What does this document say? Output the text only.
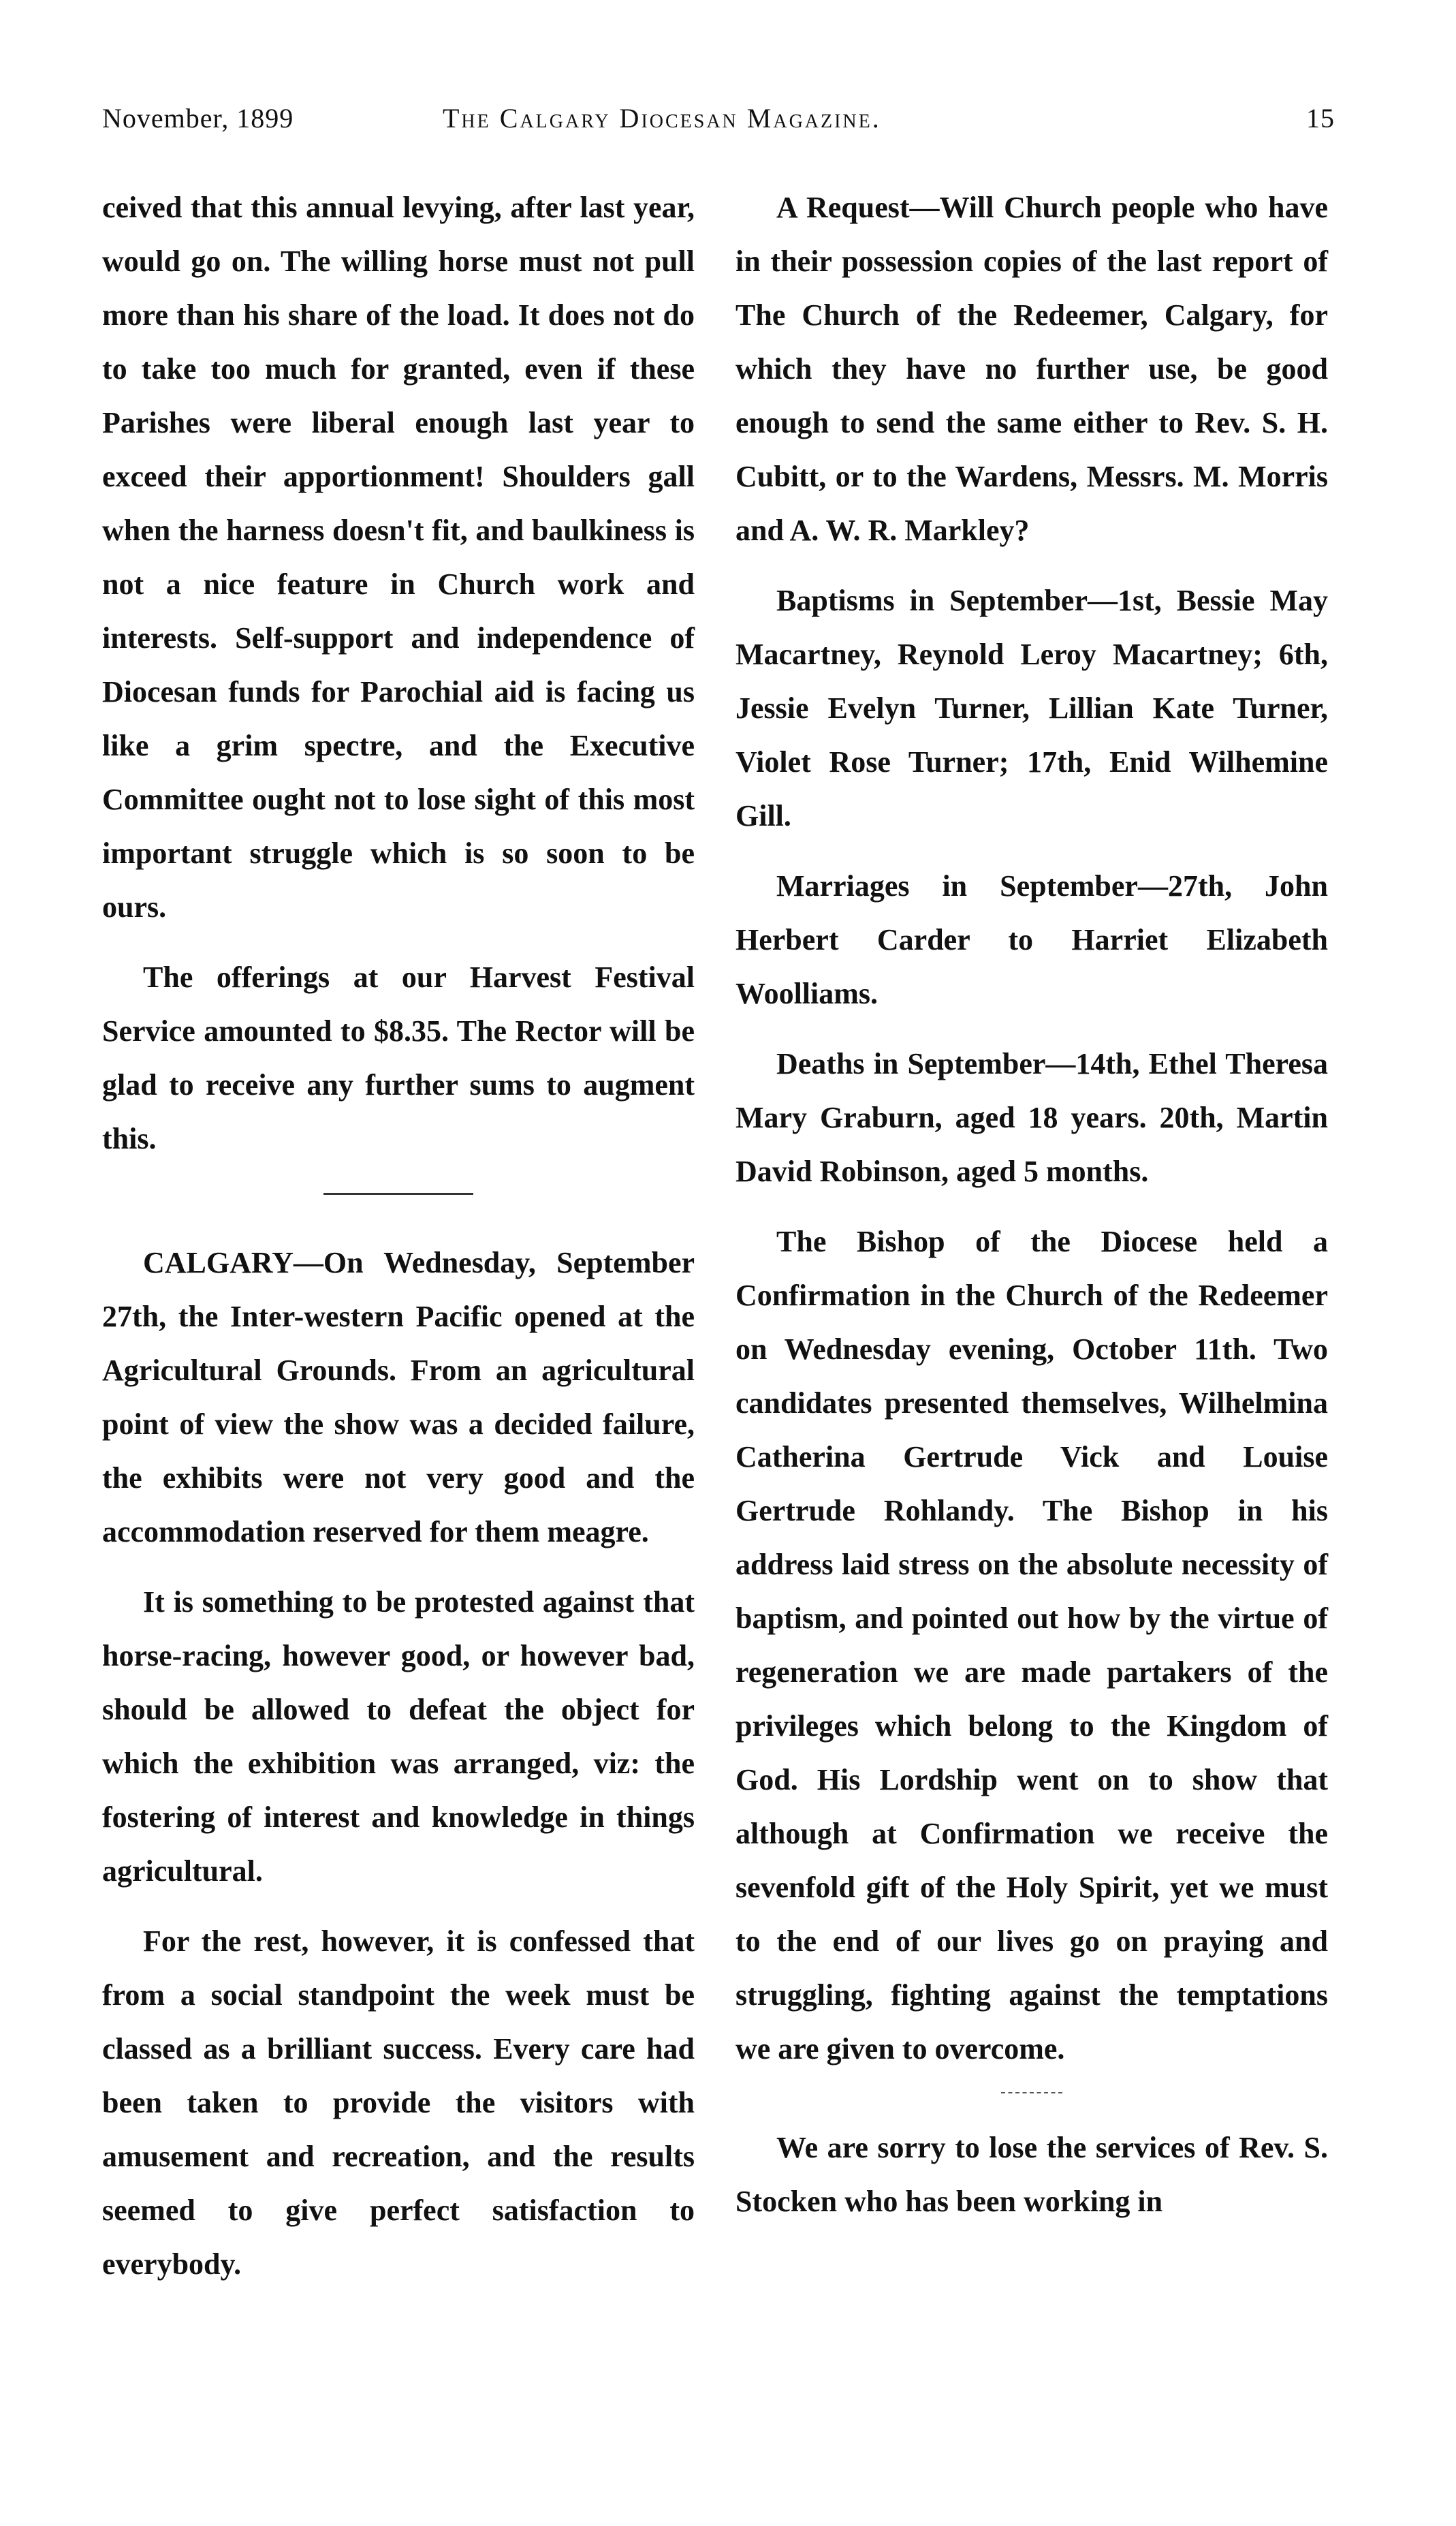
November, 1899	The Calgary Diocesan Magazine.	15

ceived that this annual levying, after last year, would go on. The willing horse must not pull more than his share of the load. It does not do to take too much for granted, even if these Parishes were liberal enough last year to exceed their apportionment! Shoulders gall when the harness doesn't fit, and baulkiness is not a nice feature in Church work and interests. Self-support and independence of Diocesan funds for Parochial aid is facing us like a grim spectre, and the Executive Committee ought not to lose sight of this most important struggle which is so soon to be ours.

The offerings at our Harvest Festival Service amounted to $8.35. The Rector will be glad to receive any further sums to augment this.

CALGARY—On Wednesday, September 27th, the Inter-western Pacific opened at the Agricultural Grounds. From an agricultural point of view the show was a decided failure, the exhibits were not very good and the accommodation reserved for them meagre.

It is something to be protested against that horse-racing, however good, or however bad, should be allowed to defeat the object for which the exhibition was arranged, viz: the fostering of interest and knowledge in things agricultural.

For the rest, however, it is confessed that from a social standpoint the week must be classed as a brilliant success. Every care had been taken to provide the visitors with amusement and recreation, and the results seemed to give perfect satisfaction to everybody.

A Request—Will Church people who have in their possession copies of the last report of The Church of the Redeemer, Calgary, for which they have no further use, be good enough to send the same either to Rev. S. H. Cubitt, or to the Wardens, Messrs. M. Morris and A. W. R. Markley?

Baptisms in September—1st, Bessie May Macartney, Reynold Leroy Macartney; 6th, Jessie Evelyn Turner, Lillian Kate Turner, Violet Rose Turner; 17th, Enid Wilhemine Gill.

Marriages in September—27th, John Herbert Carder to Harriet Elizabeth Woolliams.

Deaths in September—14th, Ethel Theresa Mary Graburn, aged 18 years. 20th, Martin David Robinson, aged 5 months.

The Bishop of the Diocese held a Confirmation in the Church of the Redeemer on Wednesday evening, October 11th. Two candidates presented themselves, Wilhelmina Catherina Gertrude Vick and Louise Gertrude Rohlandy. The Bishop in his address laid stress on the absolute necessity of baptism, and pointed out how by the virtue of regeneration we are made partakers of the privileges which belong to the Kingdom of God. His Lordship went on to show that although at Confirmation we receive the sevenfold gift of the Holy Spirit, yet we must to the end of our lives go on praying and struggling, fighting against the temptations we are given to overcome.

We are sorry to lose the services of Rev. S. Stocken who has been working in
